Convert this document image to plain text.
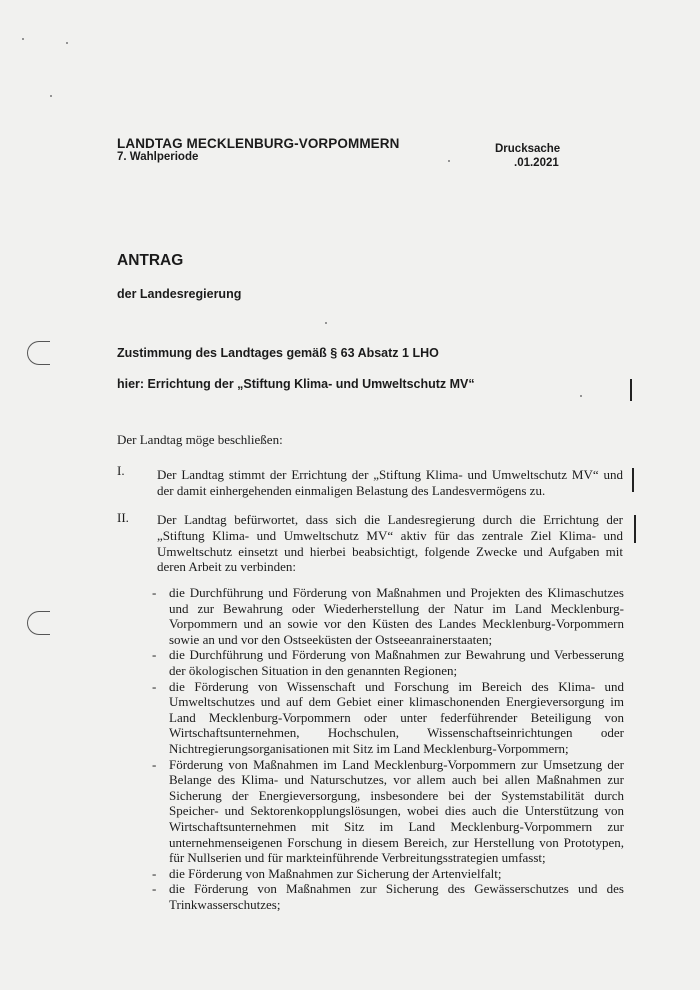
LANDTAG MECKLENBURG-VORPOMMERN
7. Wahlperiode
Drucksache
.01.2021
ANTRAG
der Landesregierung
Zustimmung des Landtages gemäß § 63 Absatz 1 LHO
hier: Errichtung der „Stiftung Klima- und Umweltschutz MV“
Der Landtag möge beschließen:
I. Der Landtag stimmt der Errichtung der „Stiftung Klima- und Umweltschutz MV“ und der damit einhergehenden einmaligen Belastung des Landesvermögens zu.
II. Der Landtag befürwortet, dass sich die Landesregierung durch die Errichtung der „Stiftung Klima- und Umweltschutz MV“ aktiv für das zentrale Ziel Klima- und Umweltschutz einsetzt und hierbei beabsichtigt, folgende Zwecke und Aufgaben mit deren Arbeit zu verbinden:
- die Durchführung und Förderung von Maßnahmen und Projekten des Klimaschutzes und zur Bewahrung oder Wiederherstellung der Natur im Land Mecklenburg-Vorpommern und an sowie vor den Küsten des Landes Mecklenburg-Vorpommern sowie an und vor den Ostseeküsten der Ostseeanrainerstaaten;
- die Durchführung und Förderung von Maßnahmen zur Bewahrung und Verbesserung der ökologischen Situation in den genannten Regionen;
- die Förderung von Wissenschaft und Forschung im Bereich des Klima- und Umweltschutzes und auf dem Gebiet einer klimaschonenden Energieversorgung im Land Mecklenburg-Vorpommern oder unter federführender Beteiligung von Wirtschaftsunternehmen, Hochschulen, Wissenschaftseinrichtungen oder Nichtregierungsorganisationen mit Sitz im Land Mecklenburg-Vorpommern;
- Förderung von Maßnahmen im Land Mecklenburg-Vorpommern zur Umsetzung der Belange des Klima- und Naturschutzes, vor allem auch bei allen Maßnahmen zur Sicherung der Energieversorgung, insbesondere bei der Systemstabilität durch Speicher- und Sektorenkopplungslösungen, wobei dies auch die Unterstützung von Wirtschaftsunternehmen mit Sitz im Land Mecklenburg-Vorpommern zur unternehmenseigenen Forschung in diesem Bereich, zur Herstellung von Prototypen, für Nullserien und für markteinführende Verbreitungsstrategien umfasst;
- die Förderung von Maßnahmen zur Sicherung der Artenvielfalt;
- die Förderung von Maßnahmen zur Sicherung des Gewässerschutzes und des Trinkwasserschutzes;
